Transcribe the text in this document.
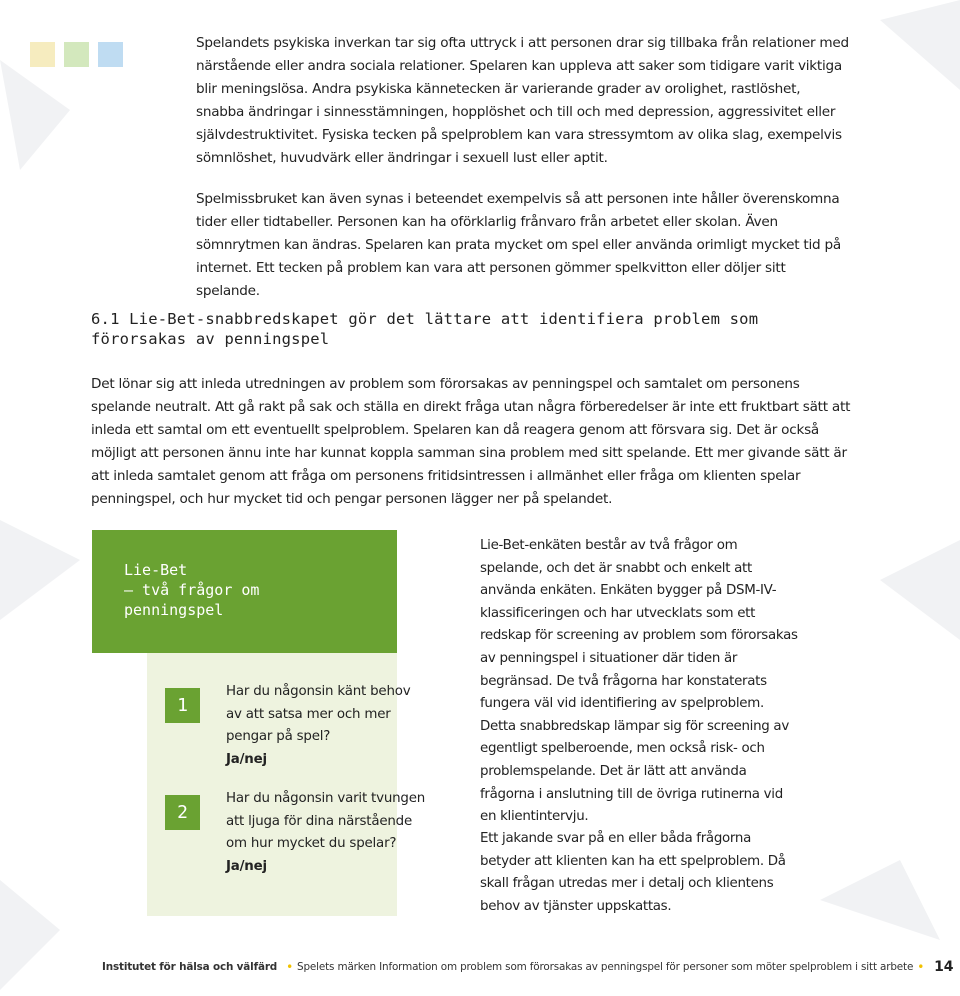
Spelandets psykiska inverkan tar sig ofta uttryck i att personen drar sig tillbaka från relationer med närstående eller andra sociala relationer. Spelaren kan uppleva att saker som tidigare varit viktiga blir meningslösa. Andra psykiska kännetecken är varierande grader av orolighet, rastlöshet, snabba ändringar i sinnesstämningen, hopplöshet och till och med depression, aggressivitet eller självdestruktivitet. Fysiska tecken på spelproblem kan vara stressymtom av olika slag, exempelvis sömnlöshet, huvudvärk eller ändringar i sexuell lust eller aptit.

Spelmissbruket kan även synas i beteendet exempelvis så att personen inte håller överenskomna tider eller tidtabeller. Personen kan ha oförklarlig frånvaro från arbetet eller skolan. Även sömnrytmen kan ändras. Spelaren kan prata mycket om spel eller använda orimligt mycket tid på internet. Ett tecken på problem kan vara att personen gömmer spelkvitton eller döljer sitt spelande.

6.1 Lie-Bet-snabbredskapet gör det lättare att identifiera problem som förorsakas av penningspel

Det lönar sig att inleda utredningen av problem som förorsakas av penningspel och samtalet om personens spelande neutralt. Att gå rakt på sak och ställa en direkt fråga utan några förberedelser är inte ett fruktbart sätt att inleda ett samtal om ett eventuellt spelproblem. Spelaren kan då reagera genom att försvara sig. Det är också möjligt att personen ännu inte har kunnat koppla samman sina problem med sitt spelande. Ett mer givande sätt är att inleda samtalet genom att fråga om personens fritidsintressen i allmänhet eller fråga om klienten spelar penningspel, och hur mycket tid och pengar personen lägger ner på spelandet.

Lie-Bet
– två frågor om
penningspel

1

Har du någonsin känt behov av att satsa mer och mer pengar på spel?
Ja/nej

2

Har du någonsin varit tvungen att ljuga för dina närstående om hur mycket du spelar?
Ja/nej

Lie-Bet-enkäten består av två frågor om spelande, och det är snabbt och enkelt att använda enkäten. Enkäten bygger på DSM-IV-klassificeringen och har utvecklats som ett redskap för screening av problem som förorsakas av penningspel i situationer där tiden är begränsad. De två frågorna har konstaterats fungera väl vid identifiering av spelproblem. Detta snabbredskap lämpar sig för screening av egentligt spelberoende, men också risk- och problemspelande. Det är lätt att använda frågorna i anslutning till de övriga rutinerna vid en klientintervju.

Ett jakande svar på en eller båda frågorna betyder att klienten kan ha ett spelproblem. Då skall frågan utredas mer i detalj och klientens behov av tjänster uppskattas.

Institutet för hälsa och välfärd • Spelets märken Information om problem som förorsakas av penningspel för personer som möter spelproblem i sitt arbete • 14
